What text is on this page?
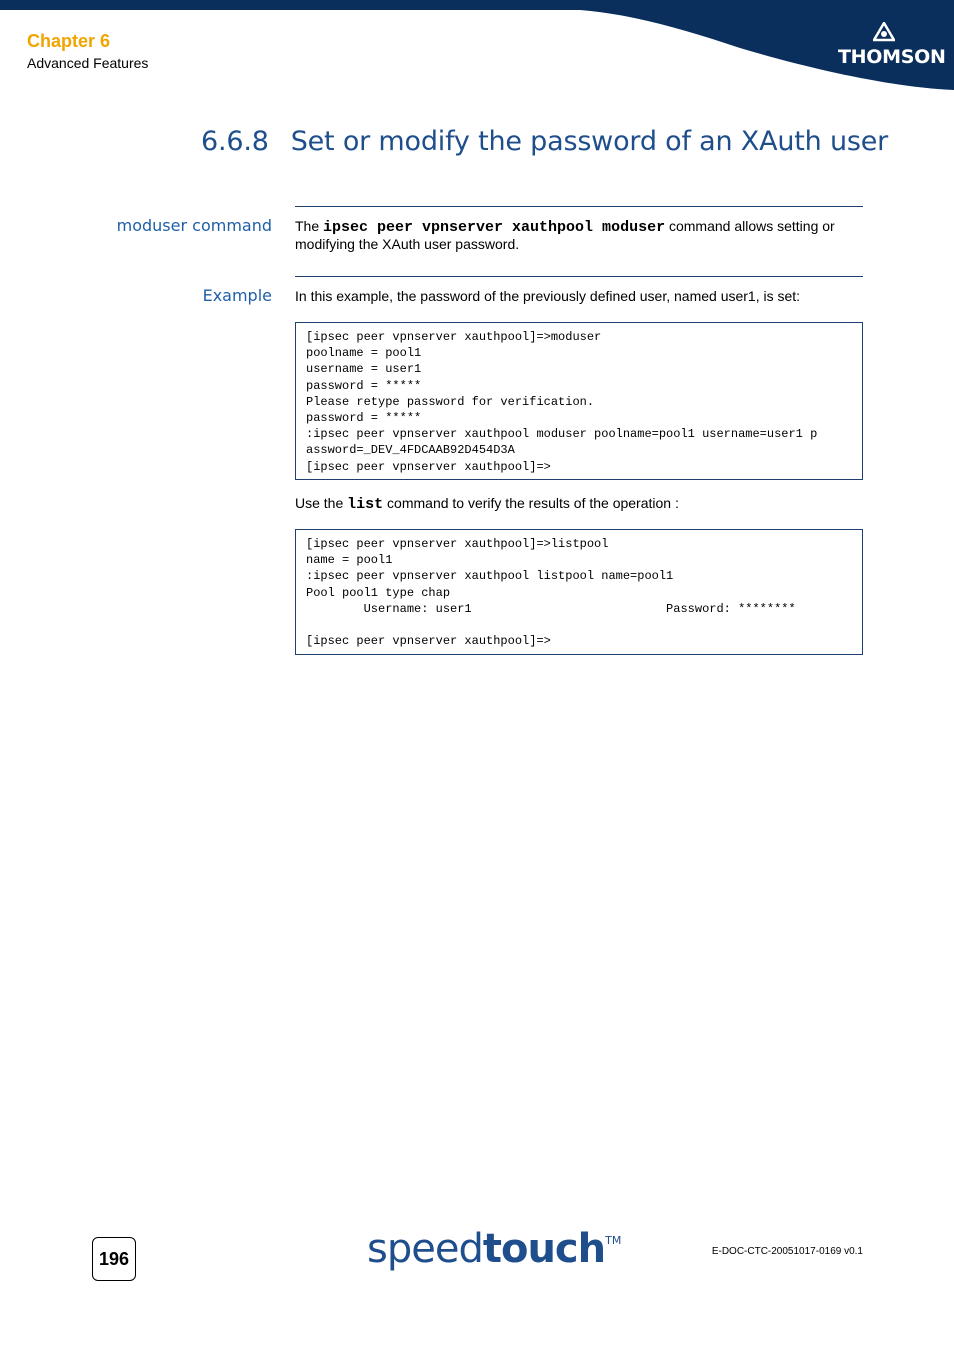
Chapter 6
Advanced Features	THOMSON
6.6.8 Set or modify the password of an XAuth user
moduser command The ipsec peer vpnserver xauthpool moduser command allows setting or modifying the XAuth user password.
Example In this example, the password of the previously defined user, named user1, is set:
[ipsec peer vpnserver xauthpool]=>moduser
poolname = pool1
username = user1
password = *****
Please retype password for verification.
password = *****
:ipsec peer vpnserver xauthpool moduser poolname=pool1 username=user1 p
assword=_DEV_4FDCAAB92D454D3A
[ipsec peer vpnserver xauthpool]=>
Use the list command to verify the results of the operation :
[ipsec peer vpnserver xauthpool]=>listpool
name = pool1
:ipsec peer vpnserver xauthpool listpool name=pool1
Pool pool1 type chap
Username: user1                           Password: ********
[ipsec peer vpnserver xauthpool]=>
196	speedtouch™
E-DOC-CTC-20051017-0169 v0.1
